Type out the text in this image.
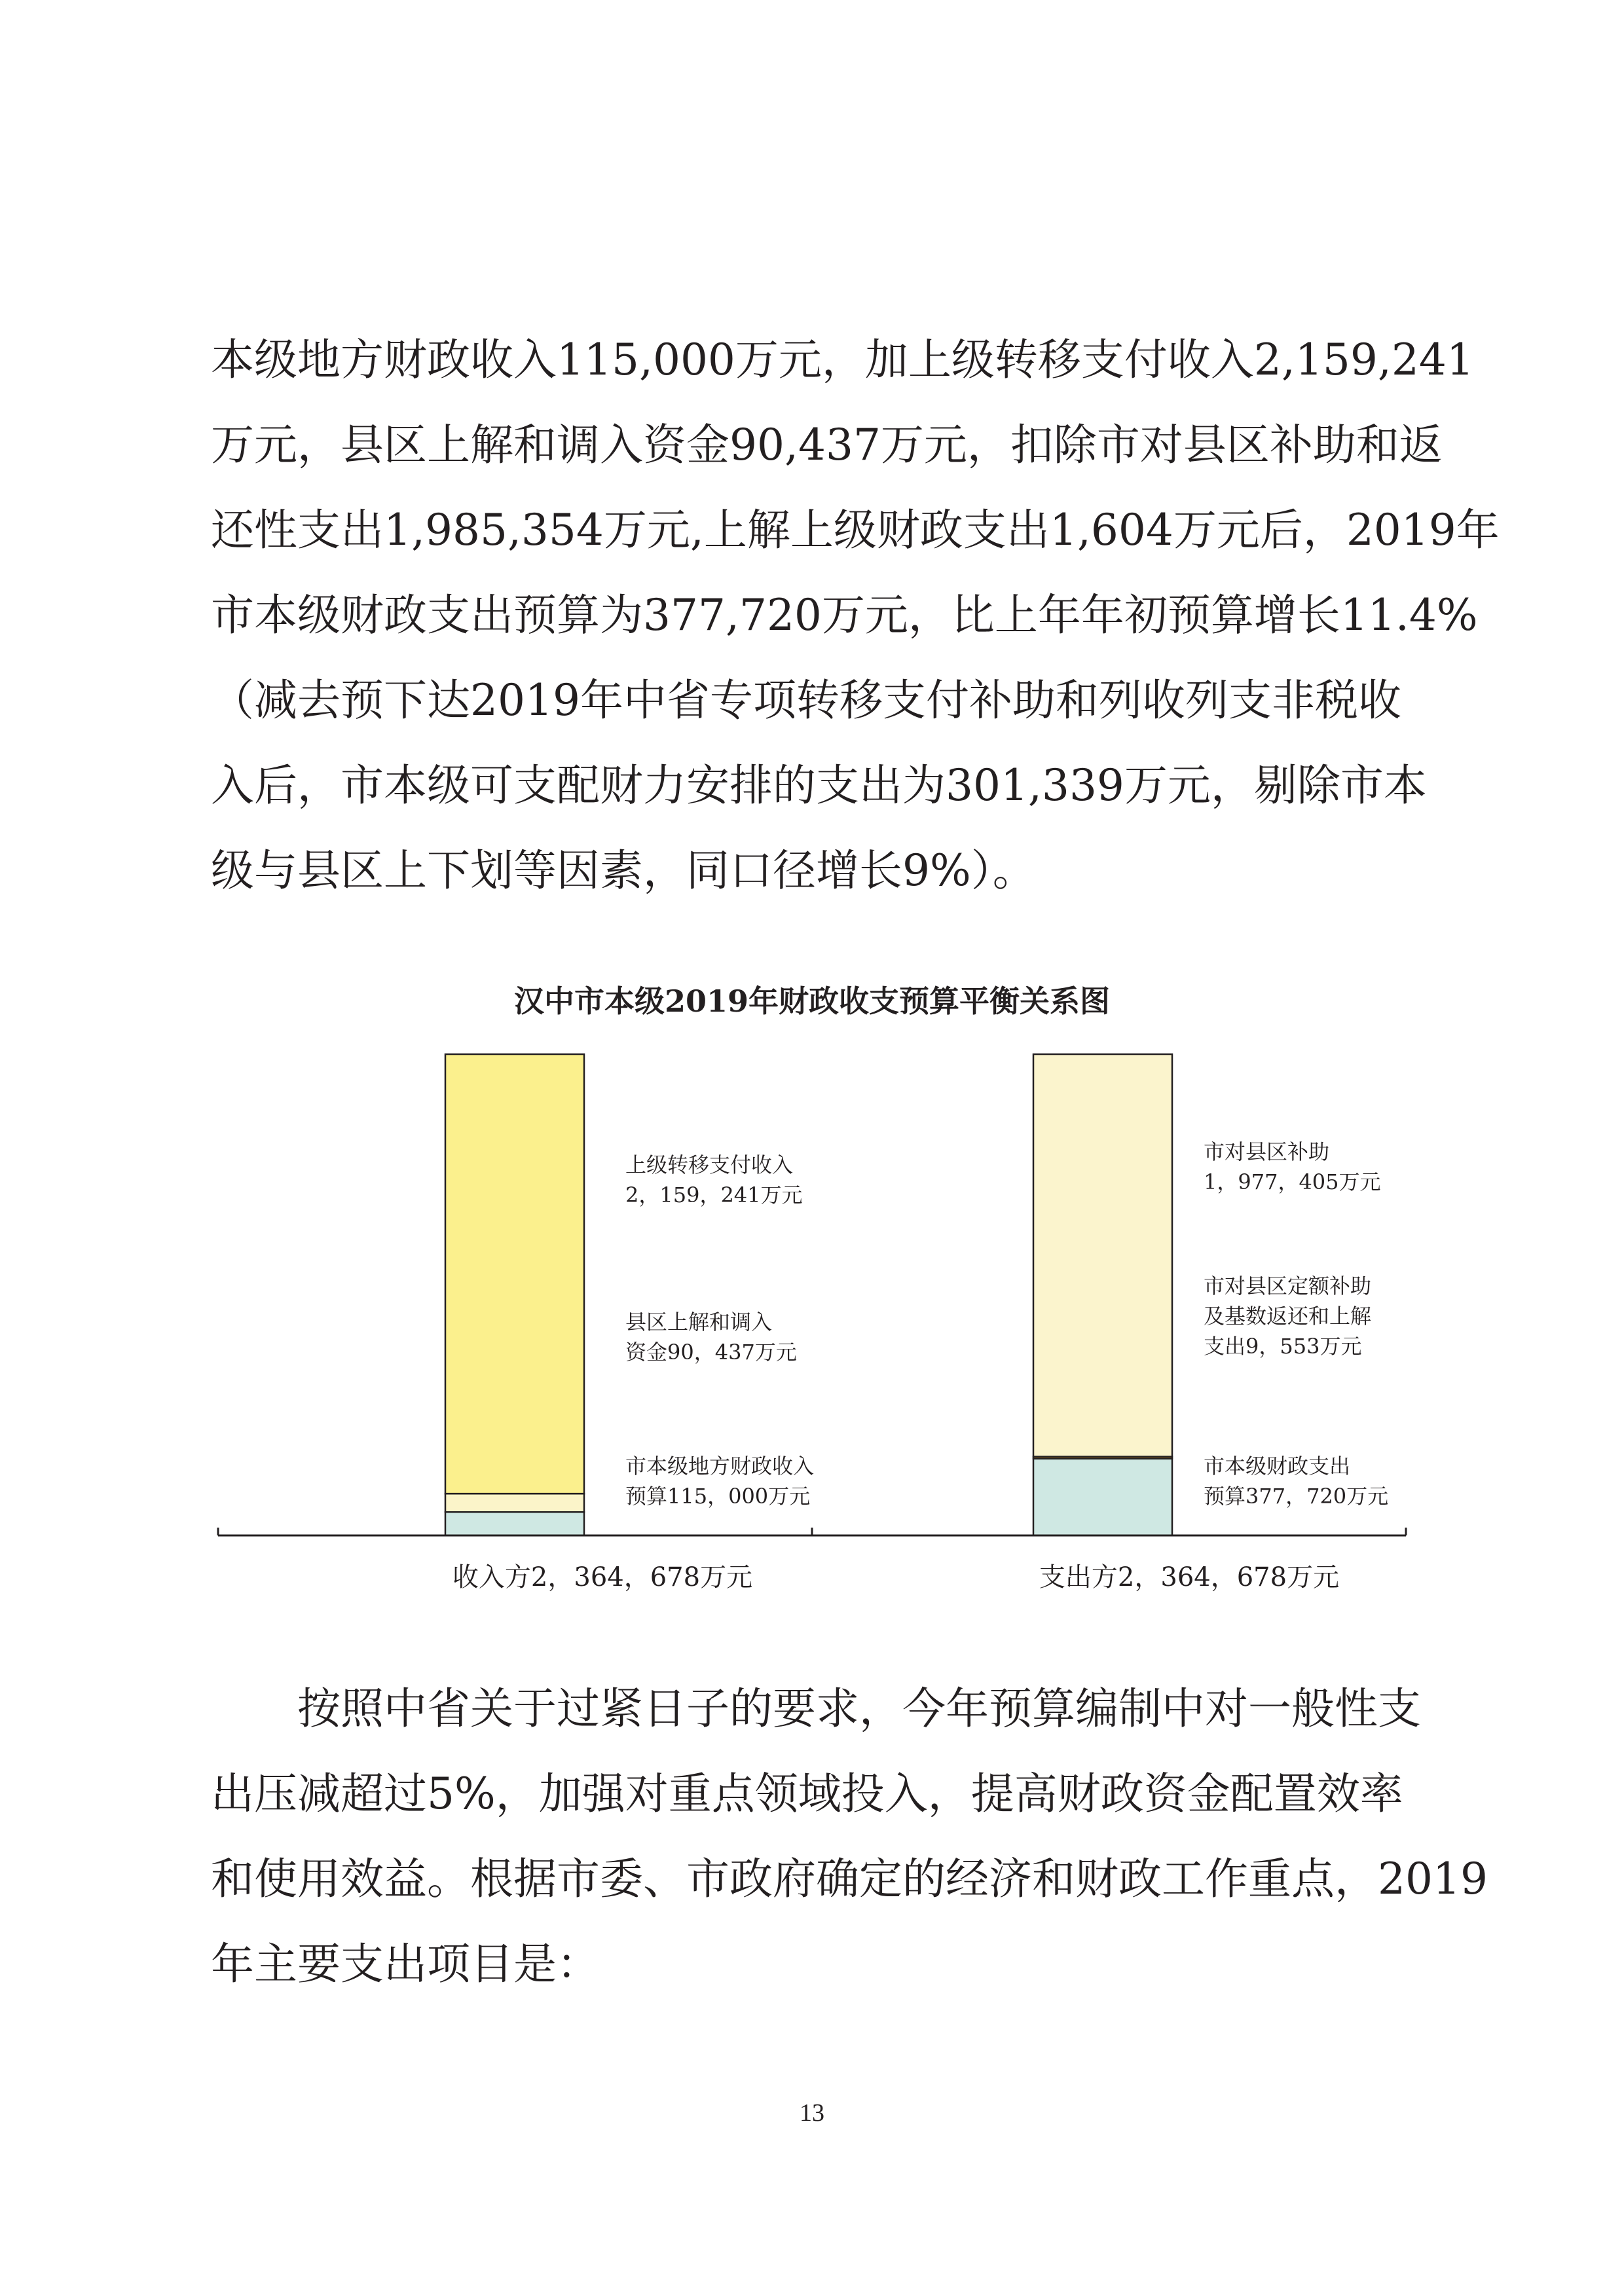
本级地方财政收入115,000万元，加上级转移支付收入2,159,241
万元，县区上解和调入资金90,437万元，扣除市对县区补助和返
还性支出1,985,354万元,上解上级财政支出1,604万元后，2019年
市本级财政支出预算为377,720万元，比上年年初预算增长11.4%
（减去预下达2019年中省专项转移支付补助和列收列支非税收
入后，市本级可支配财力安排的支出为301,339万元，剔除市本
级与县区上下划等因素，同口径增长9%）。
汉中市本级2019年财政收支预算平衡关系图
市本级地方财政收入
预算115，000万元
县区上解和调入
资金90，437万元
上级转移支付收入
2，159，241万元
收入方2，364，678万元
市本级财政支出
预算377，720万元
市对县区定额补助
及基数返还和上解
支出9，553万元
市对县区补助
1，977，405万元
支出方2，364，678万元
按照中省关于过紧日子的要求，今年预算编制中对一般性支
出压减超过5%，加强对重点领域投入，提高财政资金配置效率
和使用效益。根据市委、市政府确定的经济和财政工作重点，2019
年主要支出项目是：
13
